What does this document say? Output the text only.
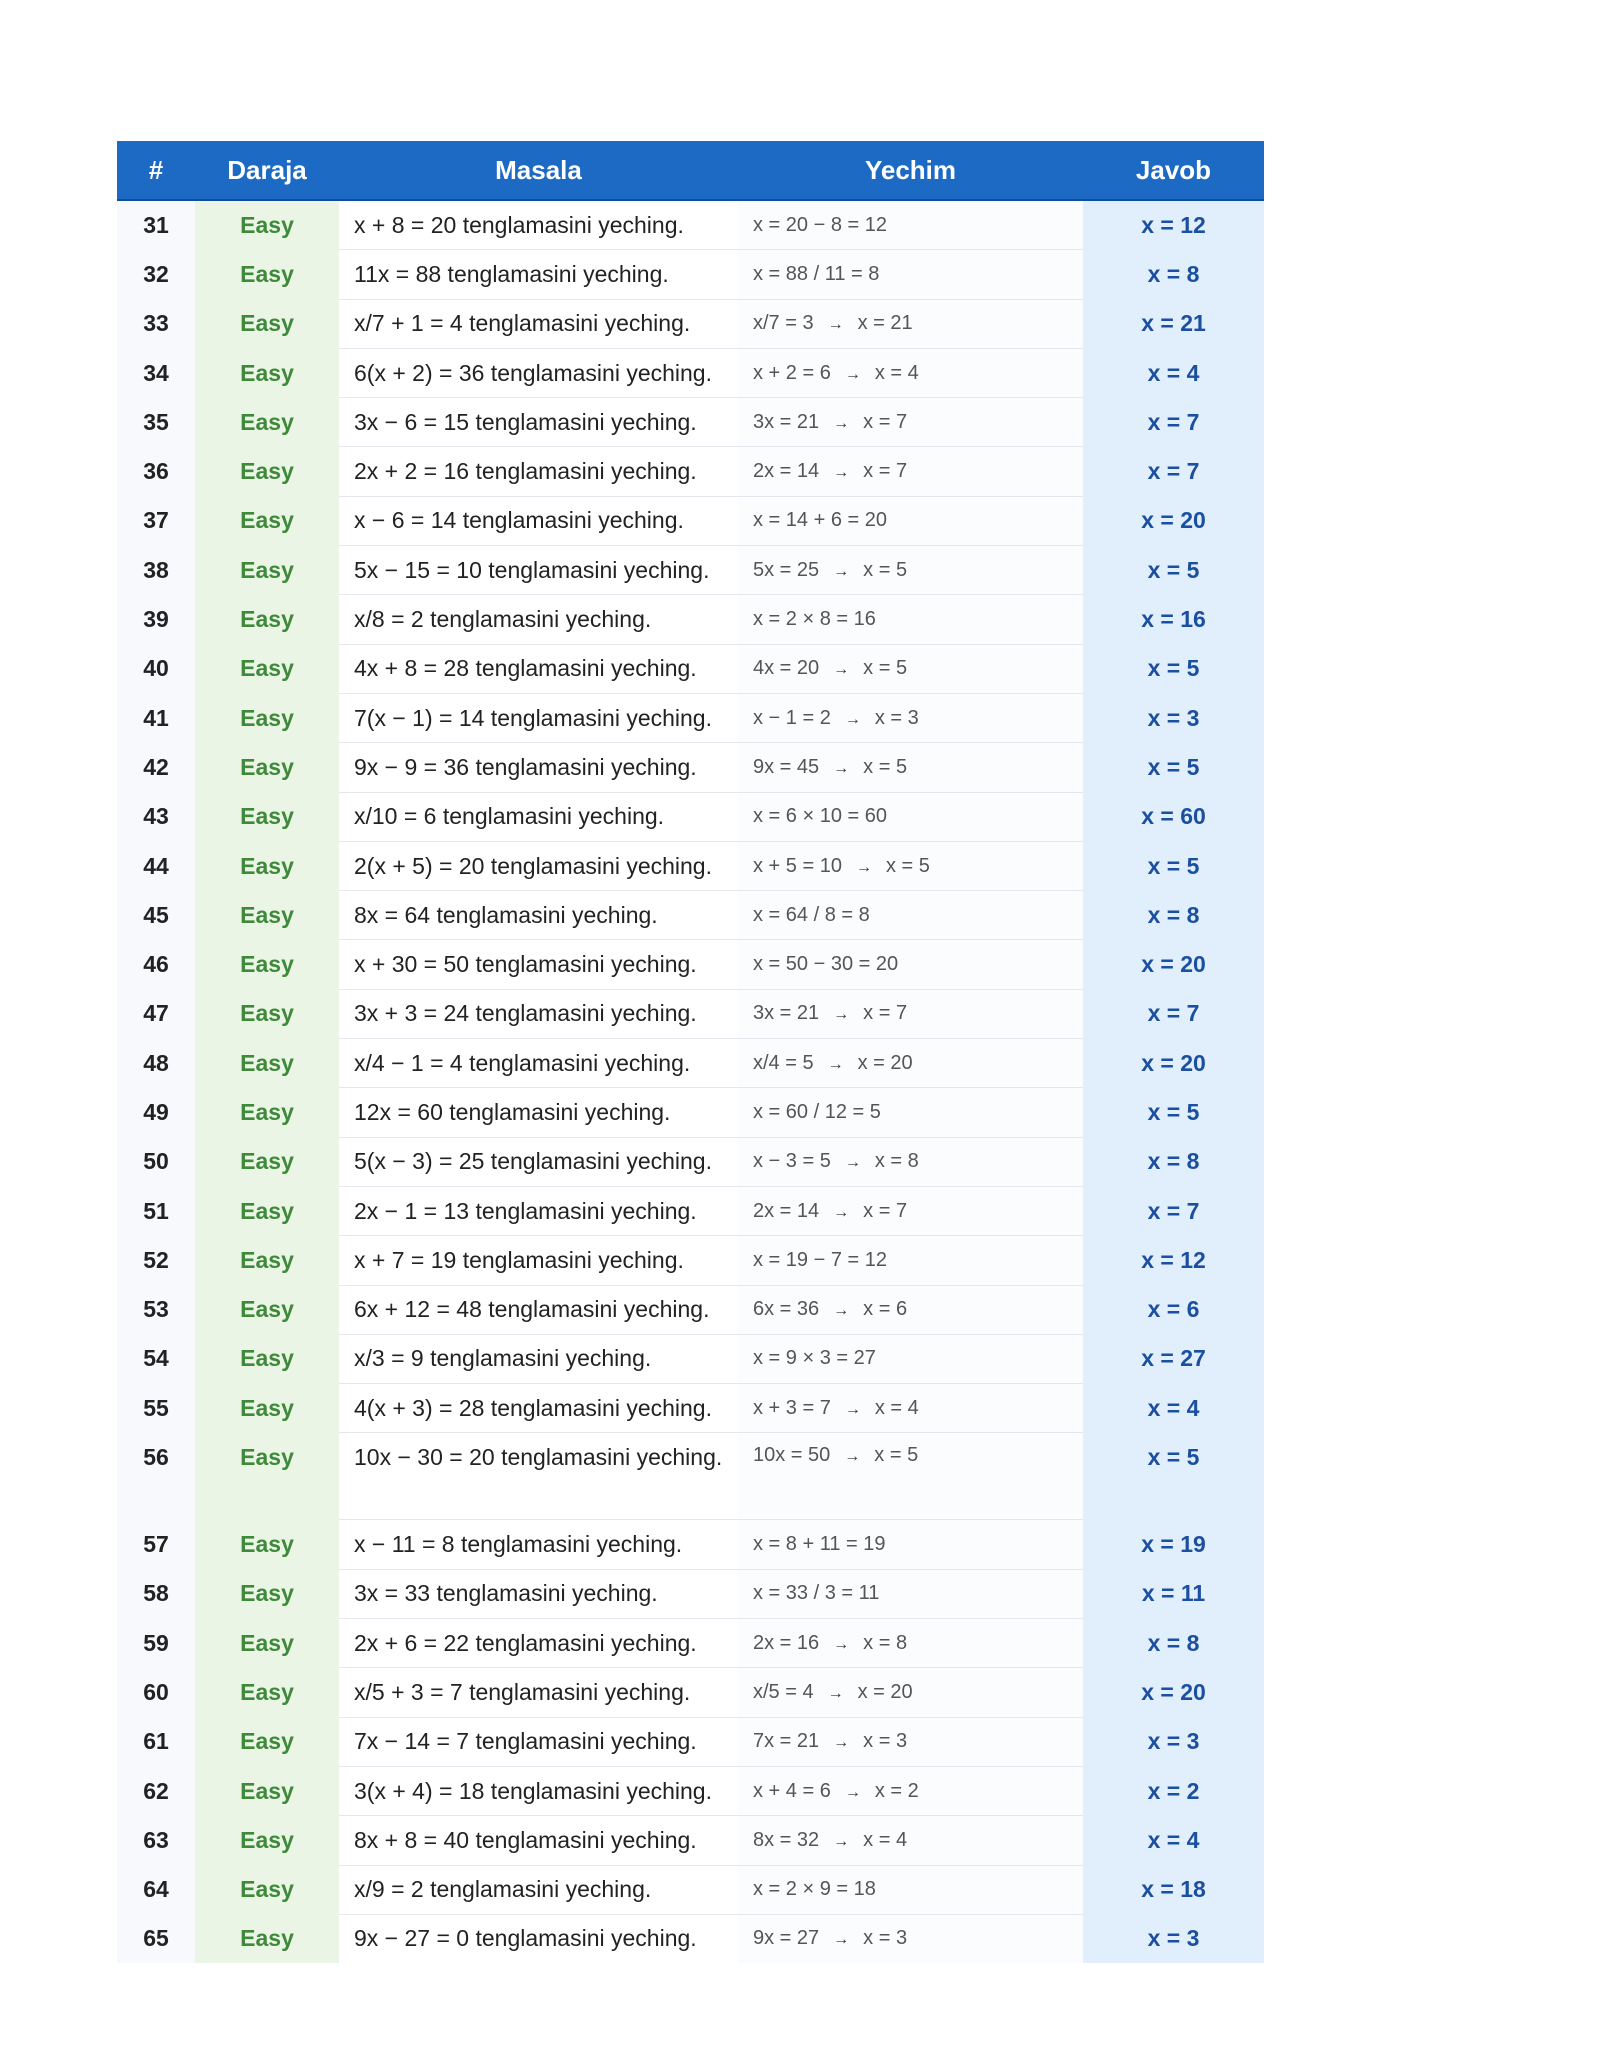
#	Daraja	Masala	Yechim	Javob
31	Easy	x + 8 = 20 tenglamasini yeching.	x = 20 − 8 = 12	x = 12
32	Easy	11x = 88 tenglamasini yeching.	x = 88 / 11 = 8	x = 8
33	Easy	x/7 + 1 = 4 tenglamasini yeching.	x/7 = 3 → x = 21	x = 21
34	Easy	6(x + 2) = 36 tenglamasini yeching.	x + 2 = 6 → x = 4	x = 4
35	Easy	3x − 6 = 15 tenglamasini yeching.	3x = 21 → x = 7	x = 7
36	Easy	2x + 2 = 16 tenglamasini yeching.	2x = 14 → x = 7	x = 7
37	Easy	x − 6 = 14 tenglamasini yeching.	x = 14 + 6 = 20	x = 20
38	Easy	5x − 15 = 10 tenglamasini yeching.	5x = 25 → x = 5	x = 5
39	Easy	x/8 = 2 tenglamasini yeching.	x = 2 × 8 = 16	x = 16
40	Easy	4x + 8 = 28 tenglamasini yeching.	4x = 20 → x = 5	x = 5
41	Easy	7(x − 1) = 14 tenglamasini yeching.	x − 1 = 2 → x = 3	x = 3
42	Easy	9x − 9 = 36 tenglamasini yeching.	9x = 45 → x = 5	x = 5
43	Easy	x/10 = 6 tenglamasini yeching.	x = 6 × 10 = 60	x = 60
44	Easy	2(x + 5) = 20 tenglamasini yeching.	x + 5 = 10 → x = 5	x = 5
45	Easy	8x = 64 tenglamasini yeching.	x = 64 / 8 = 8	x = 8
46	Easy	x + 30 = 50 tenglamasini yeching.	x = 50 − 30 = 20	x = 20
47	Easy	3x + 3 = 24 tenglamasini yeching.	3x = 21 → x = 7	x = 7
48	Easy	x/4 − 1 = 4 tenglamasini yeching.	x/4 = 5 → x = 20	x = 20
49	Easy	12x = 60 tenglamasini yeching.	x = 60 / 12 = 5	x = 5
50	Easy	5(x − 3) = 25 tenglamasini yeching.	x − 3 = 5 → x = 8	x = 8
51	Easy	2x − 1 = 13 tenglamasini yeching.	2x = 14 → x = 7	x = 7
52	Easy	x + 7 = 19 tenglamasini yeching.	x = 19 − 7 = 12	x = 12
53	Easy	6x + 12 = 48 tenglamasini yeching.	6x = 36 → x = 6	x = 6
54	Easy	x/3 = 9 tenglamasini yeching.	x = 9 × 3 = 27	x = 27
55	Easy	4(x + 3) = 28 tenglamasini yeching.	x + 3 = 7 → x = 4	x = 4
56	Easy	10x − 30 = 20 tenglamasini yeching.	10x = 50 → x = 5	x = 5
57	Easy	x − 11 = 8 tenglamasini yeching.	x = 8 + 11 = 19	x = 19
58	Easy	3x = 33 tenglamasini yeching.	x = 33 / 3 = 11	x = 11
59	Easy	2x + 6 = 22 tenglamasini yeching.	2x = 16 → x = 8	x = 8
60	Easy	x/5 + 3 = 7 tenglamasini yeching.	x/5 = 4 → x = 20	x = 20
61	Easy	7x − 14 = 7 tenglamasini yeching.	7x = 21 → x = 3	x = 3
62	Easy	3(x + 4) = 18 tenglamasini yeching.	x + 4 = 6 → x = 2	x = 2
63	Easy	8x + 8 = 40 tenglamasini yeching.	8x = 32 → x = 4	x = 4
64	Easy	x/9 = 2 tenglamasini yeching.	x = 2 × 9 = 18	x = 18
65	Easy	9x − 27 = 0 tenglamasini yeching.	9x = 27 → x = 3	x = 3
